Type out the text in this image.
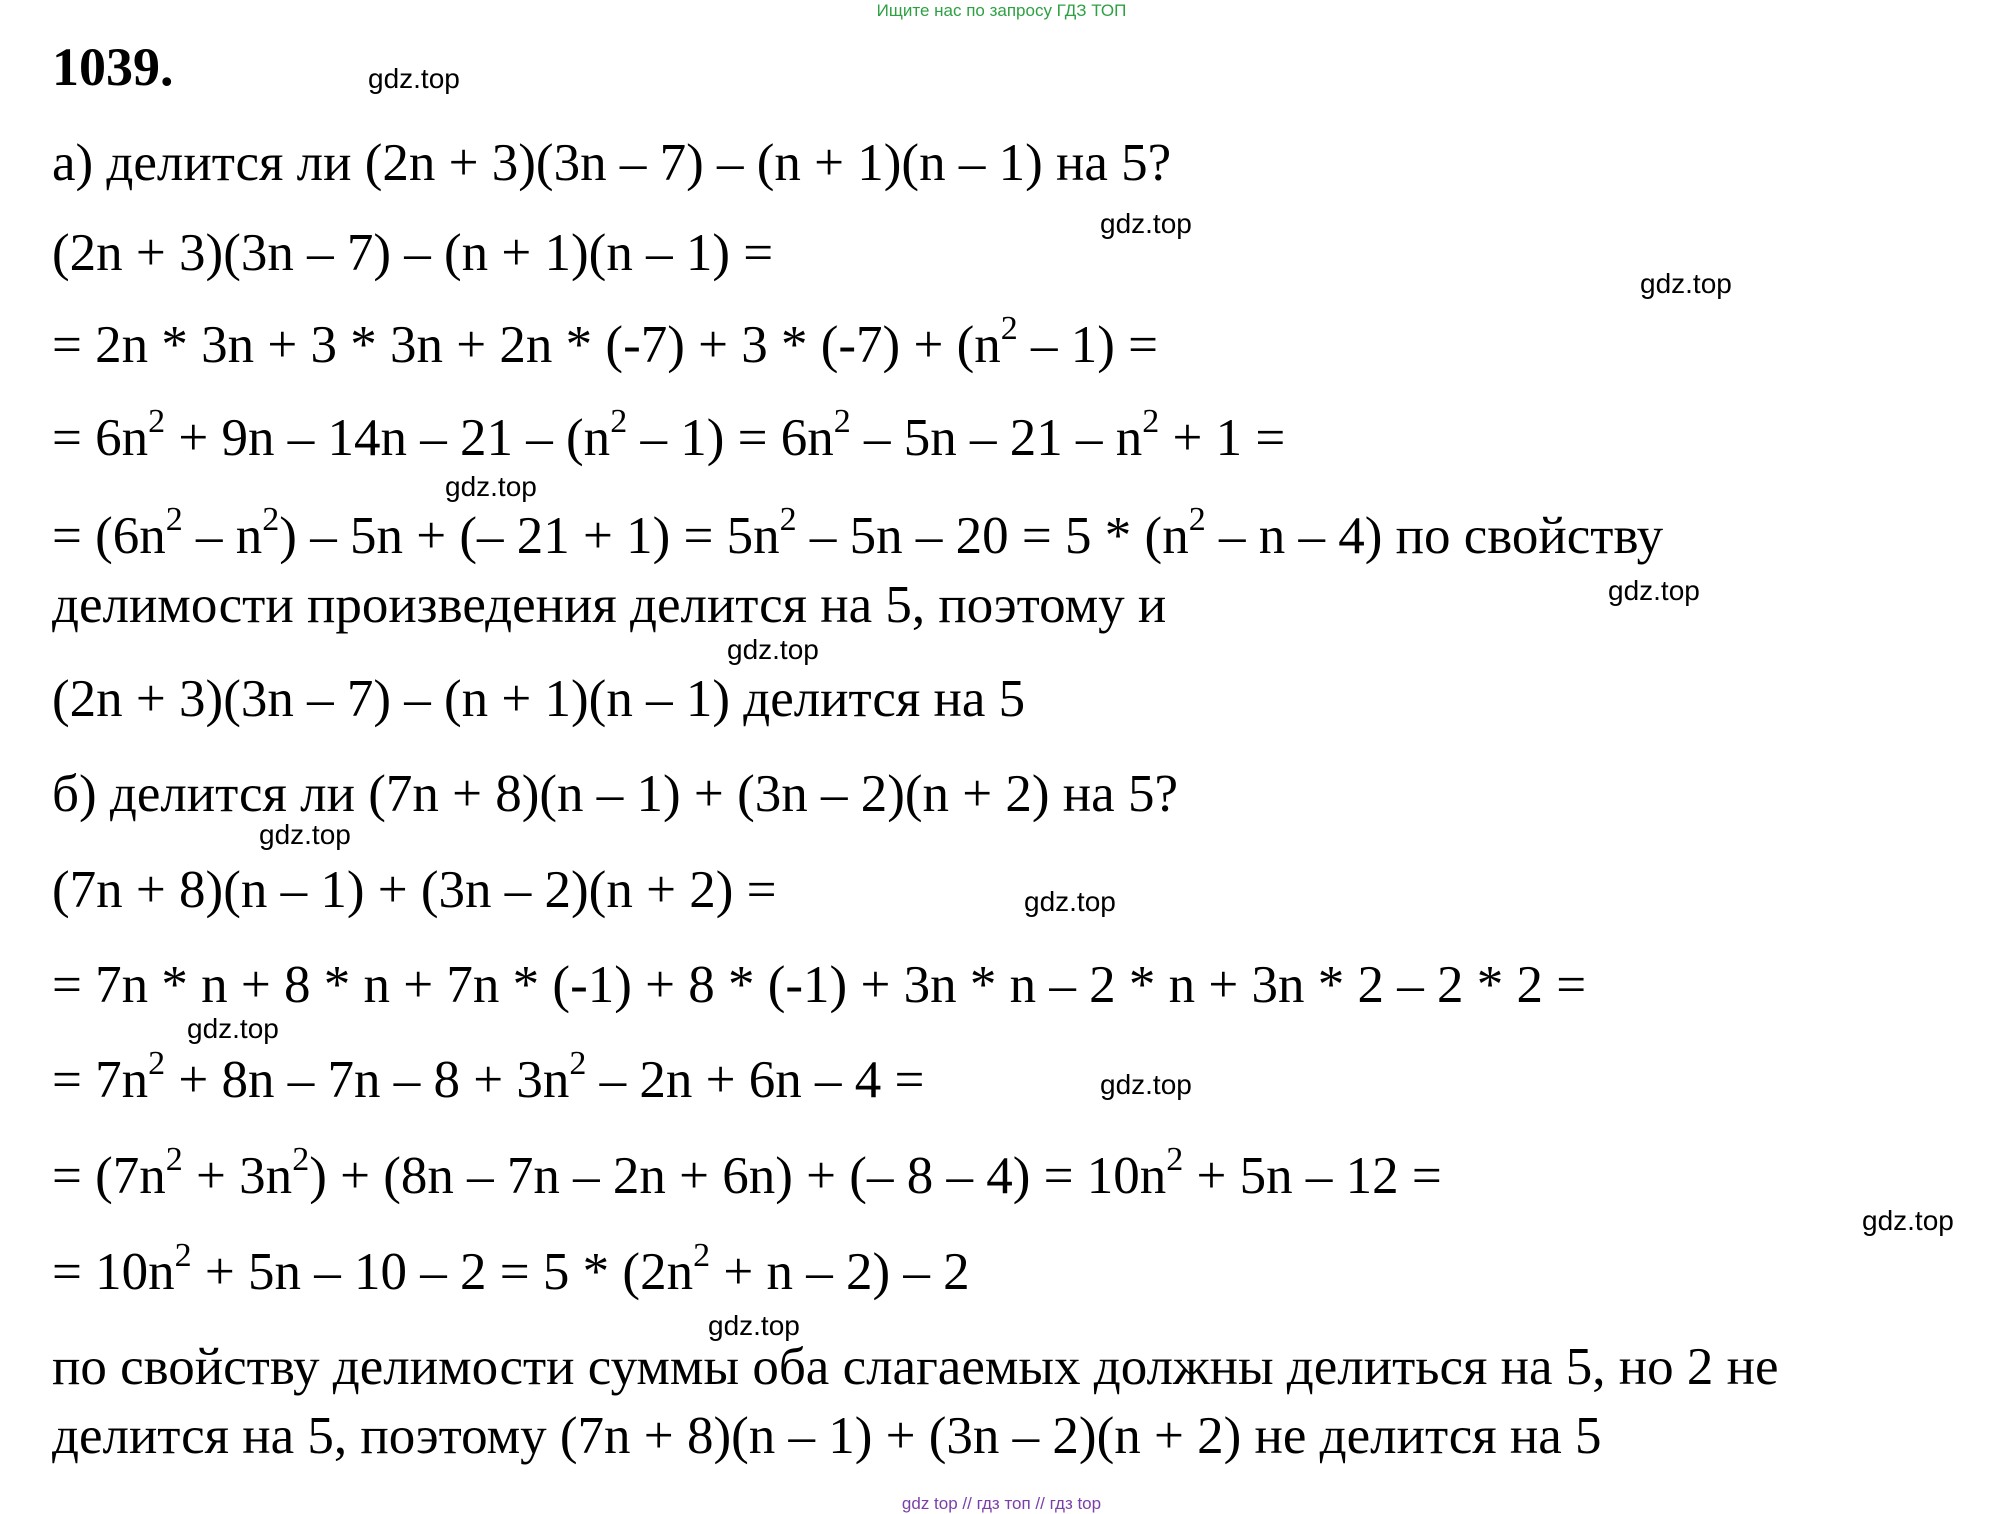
Ищите нас по запросу ГДЗ ТОП
1039.
а) делится ли (2n + 3)(3n – 7) – (n + 1)(n – 1) на 5?
(2n + 3)(3n – 7) – (n + 1)(n – 1) =
= $2n * 3n + 3 * 3n + 2n * (-7) + 3 * (-7) + (n^2 - 1)$ =
= $6n^2 + 9n - 14n - 21 - (n^2 - 1) = 6n^2 - 5n - 21 - n^2 + 1$ =
= $(6n^2 - n^2) - 5n$ + (– $21 + 1) = 5n^2 - 5n - 20 = 5 * (n^2 - n - 4)$ по свойству
делимости произведения делится на 5, поэтому и
(2n + 3)(3n – 7) – (n + 1)(n – 1) делится на 5
б) делится ли (7n + 8)(n – 1) + (3n – 2)(n + 2) на 5?
(7n + 8)(n – 1) + (3n – 2)(n + 2) =
= 7n * n + 8 * n + 7n * (-1) + 8 * (-1) + 3n * n – 2 * n + 3n * 2 – 2 * 2 =
= $7n^2 + 8n - 7n - 8 + 3n^2 - 2n + 6n - 4$ =
= $(7n^2 + 3n^2) + (8n - 7n - 2n + 6n)$ + (– $8 - 4) = 10n^2 + 5n - 12$ =
= $10n^2 + 5n - 10 - 2 = 5 * (2n^2 + n - 2) - 2$
по свойству делимости суммы оба слагаемых должны делиться на 5, но 2 не
делится на 5, поэтому (7n + 8)(n – 1) + (3n – 2)(n + 2) не делится на 5
gdz.top
gdz.top
gdz.top
gdz.top
gdz.top
gdz.top
gdz.top
gdz.top
gdz.top
gdz.top
gdz.top
gdz.top
gdz top // гдз топ // гдз top
